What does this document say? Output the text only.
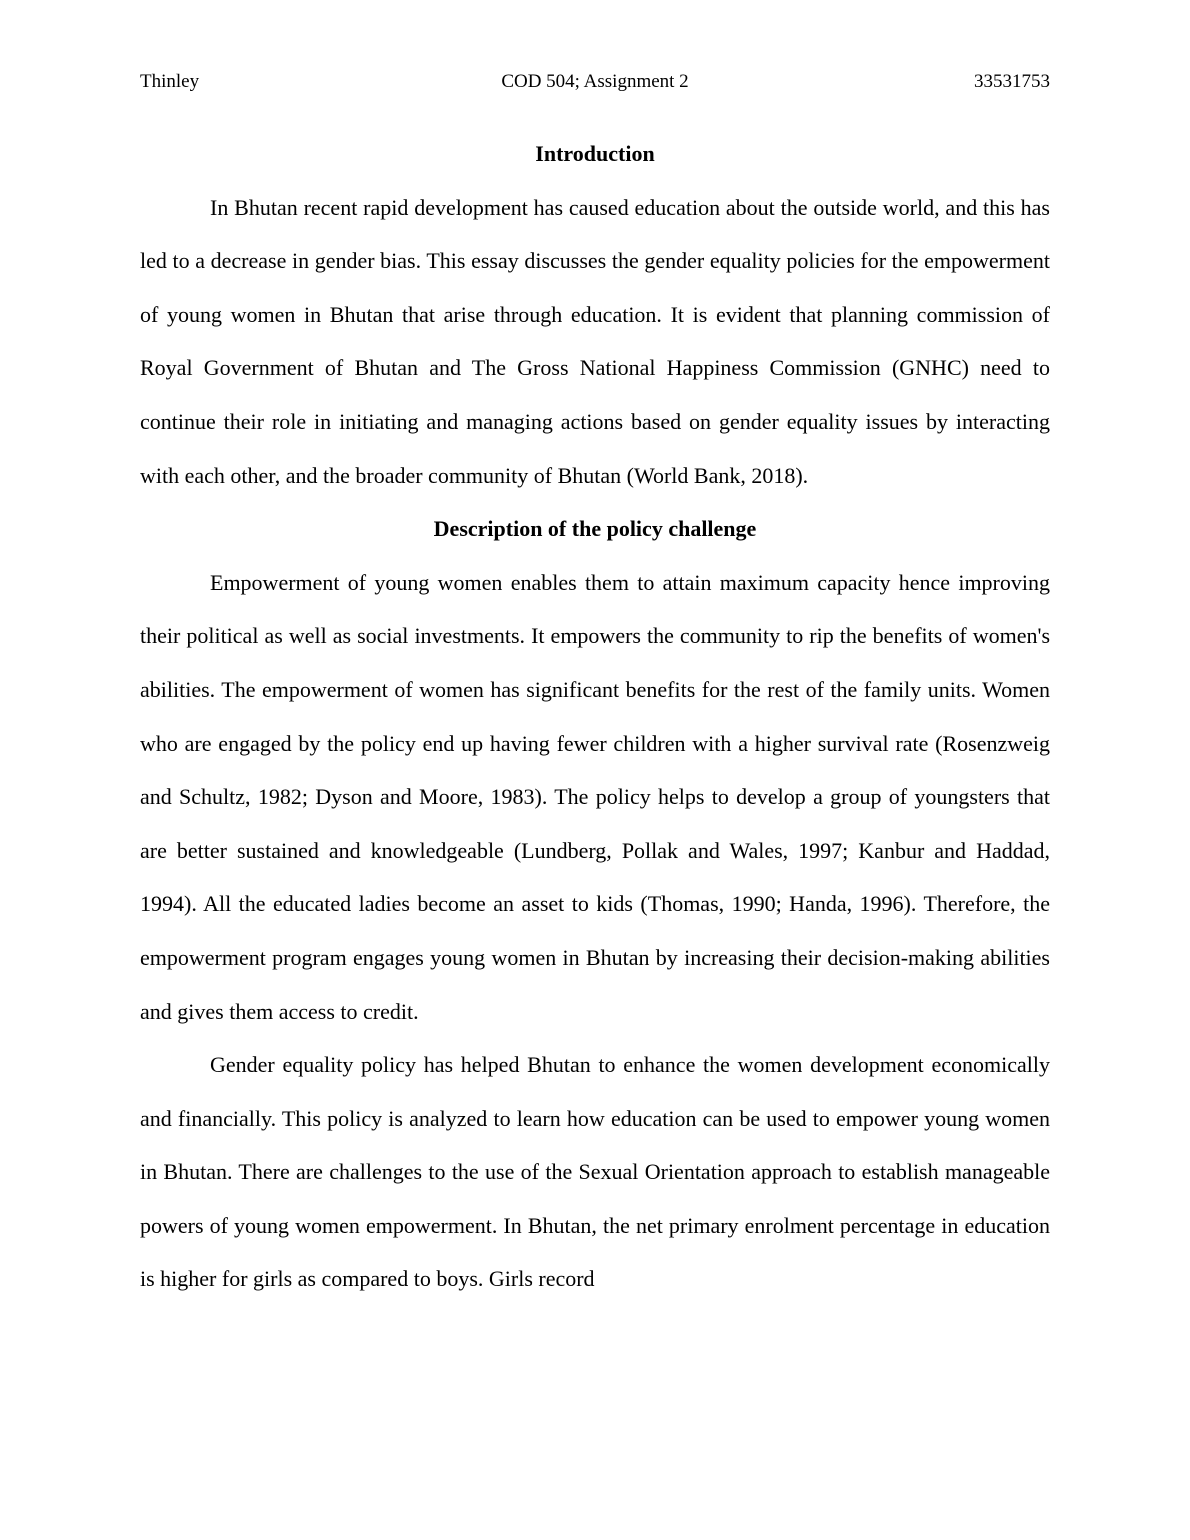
Thinley	COD 504; Assignment 2	33531753

Introduction

In Bhutan recent rapid development has caused education about the outside world, and this has led to a decrease in gender bias. This essay discusses the gender equality policies for the empowerment of young women in Bhutan that arise through education. It is evident that planning commission of Royal Government of Bhutan and The Gross National Happiness Commission (GNHC) need to continue their role in initiating and managing actions based on gender equality issues by interacting with each other, and the broader community of Bhutan (World Bank, 2018).

Description of the policy challenge

Empowerment of young women enables them to attain maximum capacity hence improving their political as well as social investments. It empowers the community to rip the benefits of women's abilities. The empowerment of women has significant benefits for the rest of the family units. Women who are engaged by the policy end up having fewer children with a higher survival rate (Rosenzweig and Schultz, 1982; Dyson and Moore, 1983). The policy helps to develop a group of youngsters that are better sustained and knowledgeable (Lundberg, Pollak and Wales, 1997; Kanbur and Haddad, 1994). All the educated ladies become an asset to kids (Thomas, 1990; Handa, 1996). Therefore, the empowerment program engages young women in Bhutan by increasing their decision-making abilities and gives them access to credit.

Gender equality policy has helped Bhutan to enhance the women development economically and financially. This policy is analyzed to learn how education can be used to empower young women in Bhutan. There are challenges to the use of the Sexual Orientation approach to establish manageable powers of young women empowerment. In Bhutan, the net primary enrolment percentage in education is higher for girls as compared to boys. Girls record
